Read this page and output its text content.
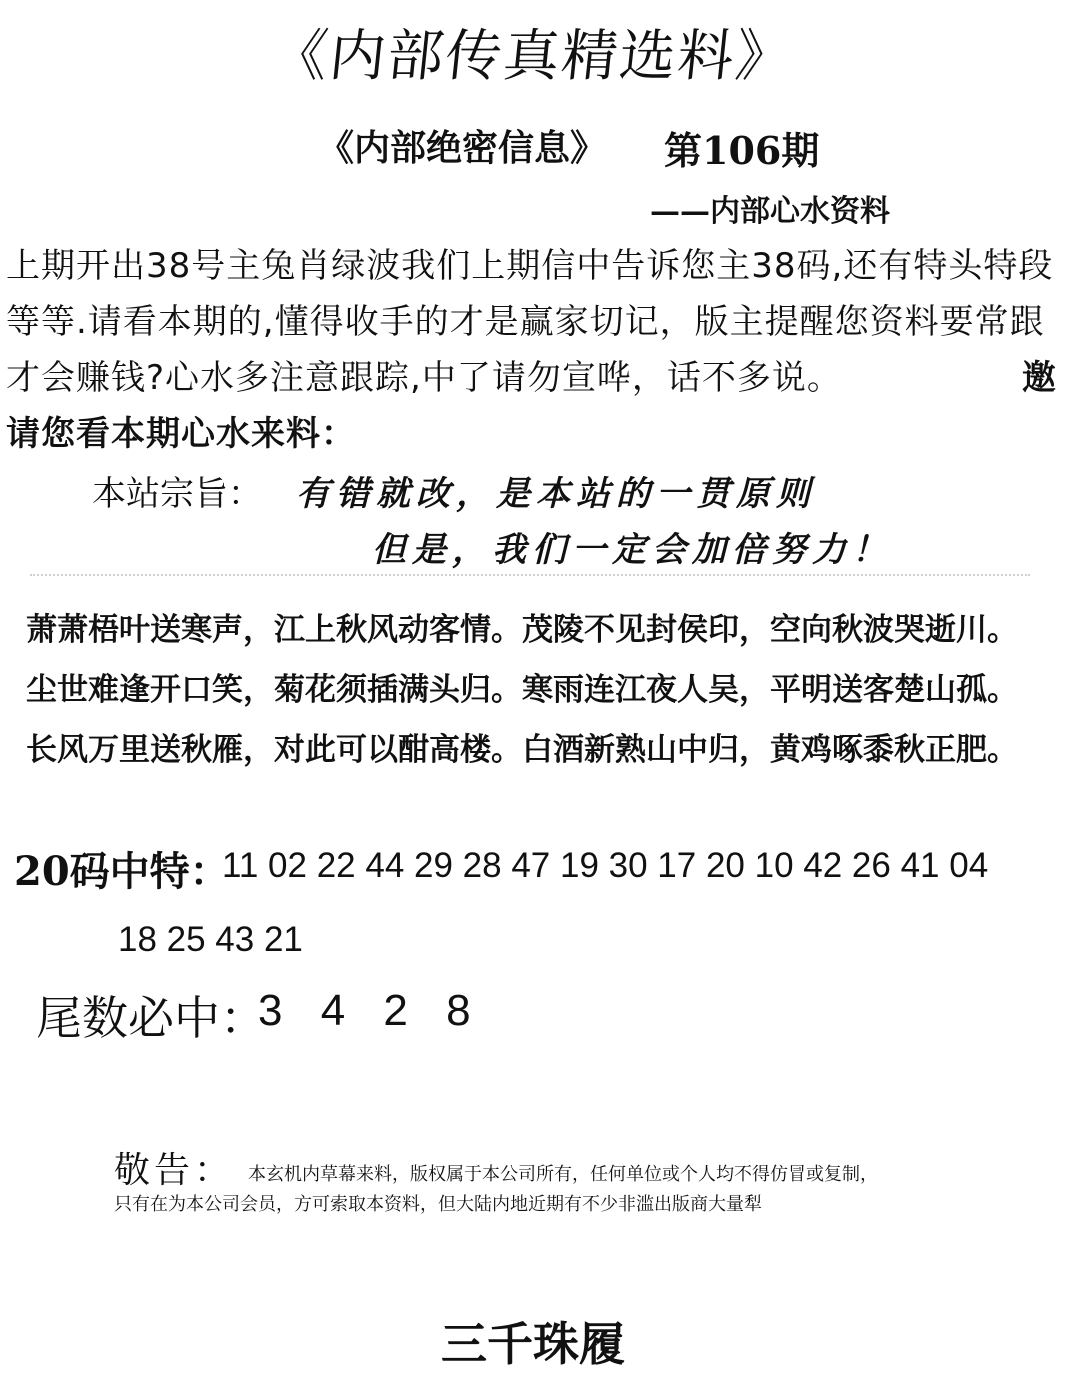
《内部传真精选料》
《内部绝密信息》 第106期
——内部心水资料
上期开出38号主兔肖绿波我们上期信中告诉您主38码,还有特头特段等等.请看本期的,懂得收手的才是赢家切记，版主提醒您资料要常跟才会赚钱?心水多注意跟踪,中了请勿宣哗，话不多说。	邀请您看本期心水来料：
本站宗旨： 有错就改，是本站的一贯原则
但是，我们一定会加倍努力！
萧萧梧叶送寒声，江上秋风动客情。茂陵不见封侯印，空向秋波哭逝川。
尘世难逢开口笑，菊花须插满头归。寒雨连江夜人吴，平明送客楚山孤。
长风万里送秋雁，对此可以酣高楼。白酒新熟山中归，黄鸡啄黍秋正肥。
20码中特：
11 02 22 44 29 28 47 19 30 17 20 10 42 26 41 04
18 25 43 21
尾数必中：
3 4 2 8
敬告： 本玄机内草幕来料，版权属于本公司所有，任何单位或个人均不得仿冒或复制，
只有在为本公司会员，方可索取本资料，但大陆内地近期有不少非滥出版商大量犁
三千珠履
